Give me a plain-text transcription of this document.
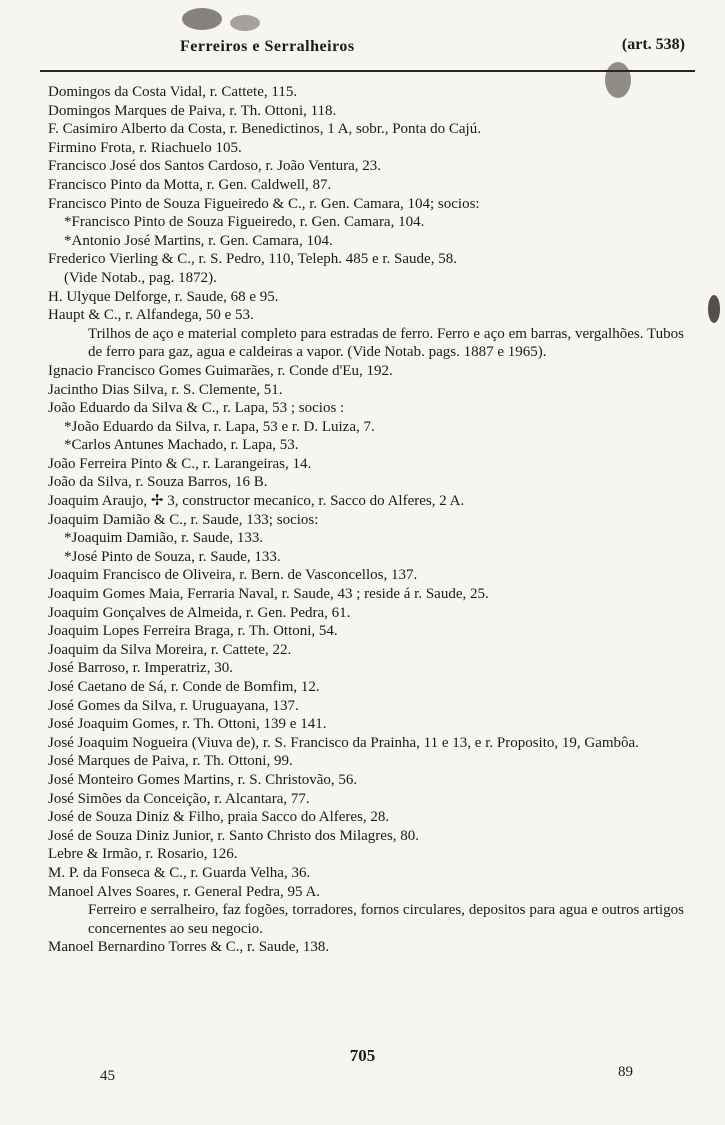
Ferreiros e Serralheiros	(art. 538)
Domingos da Costa Vidal, r. Cattete, 115.
Domingos Marques de Paiva, r. Th. Ottoni, 118.
F. Casimiro Alberto da Costa, r. Benedictinos, 1 A, sobr., Ponta do Cajú.
Firmino Frota, r. Riachuelo 105.
Francisco José dos Santos Cardoso, r. João Ventura, 23.
Francisco Pinto da Motta, r. Gen. Caldwell, 87.
Francisco Pinto de Souza Figueiredo & C., r. Gen. Camara, 104; socios:
*Francisco Pinto de Souza Figueiredo, r. Gen. Camara, 104.
*Antonio José Martins, r. Gen. Camara, 104.
Frederico Vierling & C., r. S. Pedro, 110, Teleph. 485 e r. Saude, 58.
(Vide Notab., pag. 1872).
H. Ulyque Delforge, r. Saude, 68 e 95.
Haupt & C., r. Alfandega, 50 e 53.
Trilhos de aço e material completo para estradas de ferro. Ferro e aço em barras, vergalhões. Tubos de ferro para gaz, agua e caldeiras a vapor. (Vide Notab. pags. 1887 e 1965).
Ignacio Francisco Gomes Guimarães, r. Conde d'Eu, 192.
Jacintho Dias Silva, r. S. Clemente, 51.
João Eduardo da Silva & C., r. Lapa, 53 ; socios :
*João Eduardo da Silva, r. Lapa, 53 e r. D. Luiza, 7.
*Carlos Antunes Machado, r. Lapa, 53.
João Ferreira Pinto & C., r. Larangeiras, 14.
João da Silva, r. Souza Barros, 16 B.
Joaquim Araujo, ✢ 3, constructor mecanico, r. Sacco do Alferes, 2 A.
Joaquim Damião & C., r. Saude, 133; socios:
*Joaquim Damião, r. Saude, 133.
*José Pinto de Souza, r. Saude, 133.
Joaquim Francisco de Oliveira, r. Bern. de Vasconcellos, 137.
Joaquim Gomes Maia, Ferraria Naval, r. Saude, 43 ; reside á r. Saude, 25.
Joaquim Gonçalves de Almeida, r. Gen. Pedra, 61.
Joaquim Lopes Ferreira Braga, r. Th. Ottoni, 54.
Joaquim da Silva Moreira, r. Cattete, 22.
José Barroso, r. Imperatriz, 30.
José Caetano de Sá, r. Conde de Bomfim, 12.
José Gomes da Silva, r. Uruguayana, 137.
José Joaquim Gomes, r. Th. Ottoni, 139 e 141.
José Joaquim Nogueira (Viuva de), r. S. Francisco da Prainha, 11 e 13, e r. Proposito, 19, Gambôa.
José Marques de Paiva, r. Th. Ottoni, 99.
José Monteiro Gomes Martins, r. S. Christovão, 56.
José Simões da Conceição, r. Alcantara, 77.
José de Souza Diniz & Filho, praia Sacco do Alferes, 28.
José de Souza Diniz Junior, r. Santo Christo dos Milagres, 80.
Lebre & Irmão, r. Rosario, 126.
M. P. da Fonseca & C., r. Guarda Velha, 36.
Manoel Alves Soares, r. General Pedra, 95 A.
Ferreiro e serralheiro, faz fogões, torradores, fornos circulares, depositos para agua e outros artigos concernentes ao seu negocio.
Manoel Bernardino Torres & C., r. Saude, 138.
705
45	89
